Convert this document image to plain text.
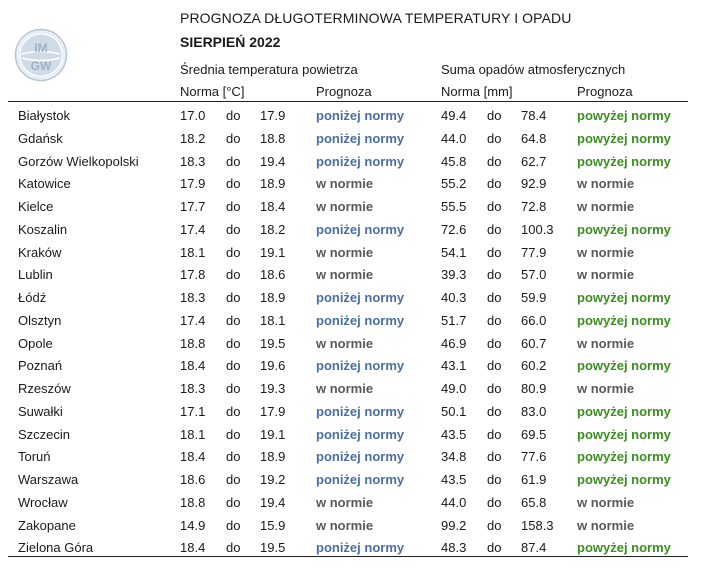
IM
GW
PROGNOZA DŁUGOTERMINOWA TEMPERATURY I OPADU
SIERPIEŃ 2022
Średnia temperatura powietrza	Suma opadów atmosferycznych
Norma [°C]	Prognoza	Norma [mm]	Prognoza
Białystok	17.0 do 17.9 poniżej normy	49.4 do 78.4 powyżej normy
Gdańsk	18.2 do 18.8 poniżej normy	44.0 do 64.8 powyżej normy
Gorzów Wielkopolski	18.3 do 19.4 poniżej normy	45.8 do 62.7 powyżej normy
Katowice	17.9 do 18.9 w normie	55.2 do 92.9 w normie
Kielce	17.7 do 18.4 w normie	55.5 do 72.8 w normie
Koszalin	17.4 do 18.2 poniżej normy	72.6 do 100.3 powyżej normy
Kraków	18.1 do 19.1 w normie	54.1 do 77.9 w normie
Lublin	17.8 do 18.6 w normie	39.3 do 57.0 w normie
Łódź	18.3 do 18.9 poniżej normy	40.3 do 59.9 powyżej normy
Olsztyn	17.4 do 18.1 poniżej normy	51.7 do 66.0 powyżej normy
Opole	18.8 do 19.5 w normie	46.9 do 60.7 w normie
Poznań	18.4 do 19.6 poniżej normy	43.1 do 60.2 powyżej normy
Rzeszów	18.3 do 19.3 w normie	49.0 do 80.9 w normie
Suwałki	17.1 do 17.9 poniżej normy	50.1 do 83.0 powyżej normy
Szczecin	18.1 do 19.1 poniżej normy	43.5 do 69.5 powyżej normy
Toruń	18.4 do 18.9 poniżej normy	34.8 do 77.6 powyżej normy
Warszawa	18.6 do 19.2 poniżej normy	43.5 do 61.9 powyżej normy
Wrocław	18.8 do 19.4 w normie	44.0 do 65.8 w normie
Zakopane	14.9 do 15.9 w normie	99.2 do 158.3 w normie
Zielona Góra	18.4 do 19.5 poniżej normy	48.3 do 87.4 powyżej normy
